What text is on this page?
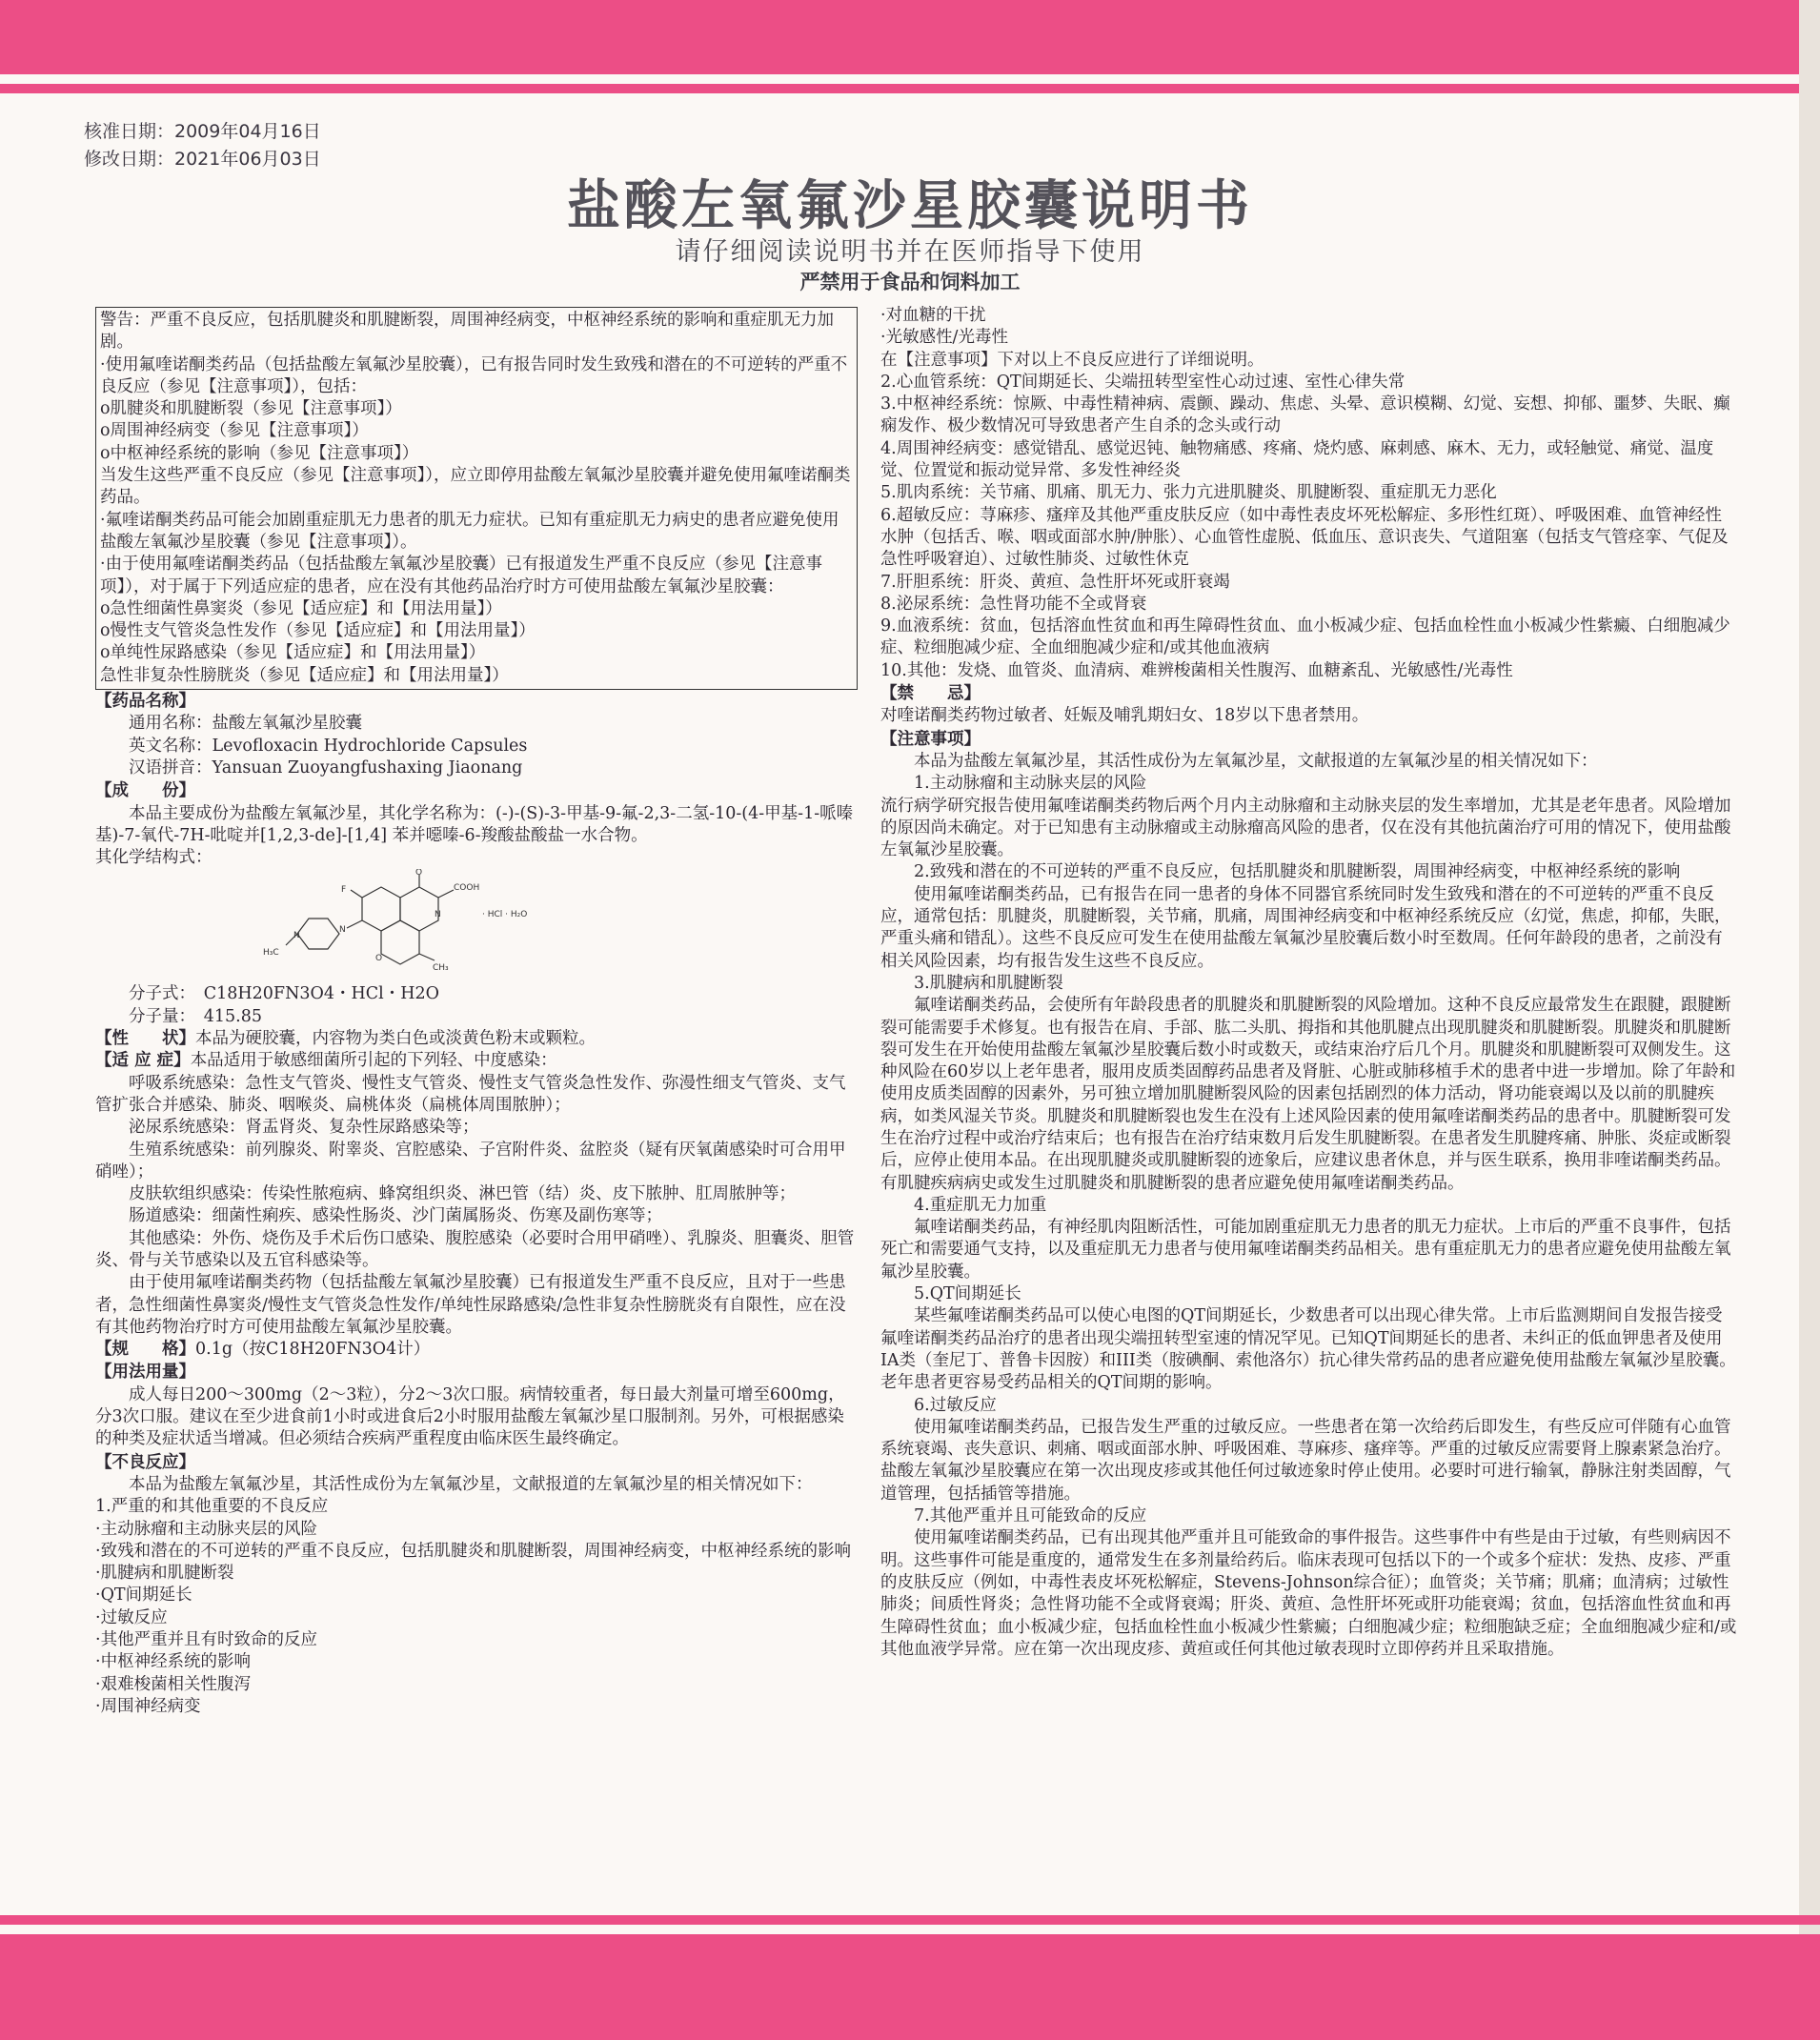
核准日期：2009年04月16日
修改日期：2021年06月03日
盐酸左氧氟沙星胶囊说明书
请仔细阅读说明书并在医师指导下使用
严禁用于食品和饲料加工

警告：严重不良反应，包括肌腱炎和肌腱断裂，周围神经病变，中枢神经系统的影响和重症肌无力加剧。

·使用氟喹诺酮类药品（包括盐酸左氧氟沙星胶囊），已有报告同时发生致残和潜在的不可逆转的严重不良反应（参见【注意事项】），包括：

o肌腱炎和肌腱断裂（参见【注意事项】）

o周围神经病变（参见【注意事项】）

o中枢神经系统的影响（参见【注意事项】）

当发生这些严重不良反应（参见【注意事项】），应立即停用盐酸左氧氟沙星胶囊并避免使用氟喹诺酮类药品。

·氟喹诺酮类药品可能会加剧重症肌无力患者的肌无力症状。已知有重症肌无力病史的患者应避免使用盐酸左氧氟沙星胶囊（参见【注意事项】）。

·由于使用氟喹诺酮类药品（包括盐酸左氧氟沙星胶囊）已有报道发生严重不良反应（参见【注意事项】），对于属于下列适应症的患者，应在没有其他药品治疗时方可使用盐酸左氧氟沙星胶囊：

o急性细菌性鼻窦炎（参见【适应症】和【用法用量】）

o慢性支气管炎急性发作（参见【适应症】和【用法用量】）

o单纯性尿路感染（参见【适应症】和【用法用量】）

急性非复杂性膀胱炎（参见【适应症】和【用法用量】）

【药品名称】

通用名称：盐酸左氧氟沙星胶囊

英文名称：Levofloxacin Hydrochloride Capsules

汉语拼音：Yansuan Zuoyangfushaxing Jiaonang

【成　　份】

本品主要成份为盐酸左氧氟沙星，其化学名称为：(-)-(S)-3-甲基-9-氟-2,3-二氢-10-(4-甲基-1-哌嗪基)-7-氧代-7H-吡啶并[1,2,3-de]-[1,4] 苯并噁嗪-6-羧酸盐酸盐一水合物。

其化学结构式：

F
O
COOH
N
N
N
O
H₃C
CH₃
· HCl · H₂O

分子式：　C18H20FN3O4・HCl・H2O

分子量：　415.85

【性　　状】本品为硬胶囊，内容物为类白色或淡黄色粉末或颗粒。

【适 应 症】本品适用于敏感细菌所引起的下列轻、中度感染：

呼吸系统感染：急性支气管炎、慢性支气管炎、慢性支气管炎急性发作、弥漫性细支气管炎、支气管扩张合并感染、肺炎、咽喉炎、扁桃体炎（扁桃体周围脓肿）；

泌尿系统感染：肾盂肾炎、复杂性尿路感染等；

生殖系统感染：前列腺炎、附睾炎、宫腔感染、子宫附件炎、盆腔炎（疑有厌氧菌感染时可合用甲硝唑）；

皮肤软组织感染：传染性脓疱病、蜂窝组织炎、淋巴管（结）炎、皮下脓肿、肛周脓肿等；

肠道感染：细菌性痢疾、感染性肠炎、沙门菌属肠炎、伤寒及副伤寒等；

其他感染：外伤、烧伤及手术后伤口感染、腹腔感染（必要时合用甲硝唑）、乳腺炎、胆囊炎、胆管炎、骨与关节感染以及五官科感染等。

由于使用氟喹诺酮类药物（包括盐酸左氧氟沙星胶囊）已有报道发生严重不良反应，且对于一些患者，急性细菌性鼻窦炎/慢性支气管炎急性发作/单纯性尿路感染/急性非复杂性膀胱炎有自限性，应在没有其他药物治疗时方可使用盐酸左氧氟沙星胶囊。

【规　　格】0.1g（按C18H20FN3O4计）

【用法用量】

成人每日200～300mg（2～3粒），分2～3次口服。病情较重者，每日最大剂量可增至600mg，分3次口服。建议在至少进食前1小时或进食后2小时服用盐酸左氧氟沙星口服制剂。另外，可根据感染的种类及症状适当增减。但必须结合疾病严重程度由临床医生最终确定。

【不良反应】

本品为盐酸左氧氟沙星，其活性成份为左氧氟沙星，文献报道的左氧氟沙星的相关情况如下：

1.严重的和其他重要的不良反应

·主动脉瘤和主动脉夹层的风险

·致残和潜在的不可逆转的严重不良反应，包括肌腱炎和肌腱断裂，周围神经病变，中枢神经系统的影响

·肌腱病和肌腱断裂

·QT间期延长

·过敏反应

·其他严重并且有时致命的反应

·中枢神经系统的影响

·艰难梭菌相关性腹泻

·周围神经病变

·对血糖的干扰

·光敏感性/光毒性

在【注意事项】下对以上不良反应进行了详细说明。

2.心血管系统：QT间期延长、尖端扭转型室性心动过速、室性心律失常

3.中枢神经系统：惊厥、中毒性精神病、震颤、躁动、焦虑、头晕、意识模糊、幻觉、妄想、抑郁、噩梦、失眠、癫痫发作、极少数情况可导致患者产生自杀的念头或行动

4.周围神经病变：感觉错乱、感觉迟钝、触物痛感、疼痛、烧灼感、麻刺感、麻木、无力，或轻触觉、痛觉、温度觉、位置觉和振动觉异常、多发性神经炎

5.肌肉系统：关节痛、肌痛、肌无力、张力亢进肌腱炎、肌腱断裂、重症肌无力恶化

6.超敏反应：荨麻疹、瘙痒及其他严重皮肤反应（如中毒性表皮坏死松解症、多形性红斑）、呼吸困难、血管神经性水肿（包括舌、喉、咽或面部水肿/肿胀）、心血管性虚脱、低血压、意识丧失、气道阻塞（包括支气管痉挛、气促及急性呼吸窘迫）、过敏性肺炎、过敏性休克

7.肝胆系统：肝炎、黄疸、急性肝坏死或肝衰竭

8.泌尿系统：急性肾功能不全或肾衰

9.血液系统：贫血，包括溶血性贫血和再生障碍性贫血、血小板减少症、包括血栓性血小板减少性紫癜、白细胞减少症、粒细胞减少症、全血细胞减少症和/或其他血液病

10.其他：发烧、血管炎、血清病、难辨梭菌相关性腹泻、血糖紊乱、光敏感性/光毒性

【禁　　忌】

对喹诺酮类药物过敏者、妊娠及哺乳期妇女、18岁以下患者禁用。

【注意事项】

本品为盐酸左氧氟沙星，其活性成份为左氧氟沙星，文献报道的左氧氟沙星的相关情况如下：

1.主动脉瘤和主动脉夹层的风险

流行病学研究报告使用氟喹诺酮类药物后两个月内主动脉瘤和主动脉夹层的发生率增加，尤其是老年患者。风险增加的原因尚未确定。对于已知患有主动脉瘤或主动脉瘤高风险的患者，仅在没有其他抗菌治疗可用的情况下，使用盐酸左氧氟沙星胶囊。

2.致残和潜在的不可逆转的严重不良反应，包括肌腱炎和肌腱断裂，周围神经病变，中枢神经系统的影响

使用氟喹诺酮类药品，已有报告在同一患者的身体不同器官系统同时发生致残和潜在的不可逆转的严重不良反应，通常包括：肌腱炎，肌腱断裂，关节痛，肌痛，周围神经病变和中枢神经系统反应（幻觉，焦虑，抑郁，失眠，严重头痛和错乱）。这些不良反应可发生在使用盐酸左氧氟沙星胶囊后数小时至数周。任何年龄段的患者，之前没有相关风险因素，均有报告发生这些不良反应。

3.肌腱病和肌腱断裂

氟喹诺酮类药品，会使所有年龄段患者的肌腱炎和肌腱断裂的风险增加。这种不良反应最常发生在跟腱，跟腱断裂可能需要手术修复。也有报告在肩、手部、肱二头肌、拇指和其他肌腱点出现肌腱炎和肌腱断裂。肌腱炎和肌腱断裂可发生在开始使用盐酸左氧氟沙星胶囊后数小时或数天，或结束治疗后几个月。肌腱炎和肌腱断裂可双侧发生。这种风险在60岁以上老年患者，服用皮质类固醇药品患者及肾脏、心脏或肺移植手术的患者中进一步增加。除了年龄和使用皮质类固醇的因素外，另可独立增加肌腱断裂风险的因素包括剧烈的体力活动，肾功能衰竭以及以前的肌腱疾病，如类风湿关节炎。肌腱炎和肌腱断裂也发生在没有上述风险因素的使用氟喹诺酮类药品的患者中。肌腱断裂可发生在治疗过程中或治疗结束后；也有报告在治疗结束数月后发生肌腱断裂。在患者发生肌腱疼痛、肿胀、炎症或断裂后，应停止使用本品。在出现肌腱炎或肌腱断裂的迹象后，应建议患者休息，并与医生联系，换用非喹诺酮类药品。有肌腱疾病病史或发生过肌腱炎和肌腱断裂的患者应避免使用氟喹诺酮类药品。

4.重症肌无力加重

氟喹诺酮类药品，有神经肌肉阻断活性，可能加剧重症肌无力患者的肌无力症状。上市后的严重不良事件，包括死亡和需要通气支持，以及重症肌无力患者与使用氟喹诺酮类药品相关。患有重症肌无力的患者应避免使用盐酸左氧氟沙星胶囊。

5.QT间期延长

某些氟喹诺酮类药品可以使心电图的QT间期延长，少数患者可以出现心律失常。上市后监测期间自发报告接受氟喹诺酮类药品治疗的患者出现尖端扭转型室速的情况罕见。已知QT间期延长的患者、未纠正的低血钾患者及使用IA类（奎尼丁、普鲁卡因胺）和III类（胺碘酮、索他洛尔）抗心律失常药品的患者应避免使用盐酸左氧氟沙星胶囊。老年患者更容易受药品相关的QT间期的影响。

6.过敏反应

使用氟喹诺酮类药品，已报告发生严重的过敏反应。一些患者在第一次给药后即发生，有些反应可伴随有心血管系统衰竭、丧失意识、刺痛、咽或面部水肿、呼吸困难、荨麻疹、瘙痒等。严重的过敏反应需要肾上腺素紧急治疗。盐酸左氧氟沙星胶囊应在第一次出现皮疹或其他任何过敏迹象时停止使用。必要时可进行输氧，静脉注射类固醇，气道管理，包括插管等措施。

7.其他严重并且可能致命的反应

使用氟喹诺酮类药品，已有出现其他严重并且可能致命的事件报告。这些事件中有些是由于过敏，有些则病因不明。这些事件可能是重度的，通常发生在多剂量给药后。临床表现可包括以下的一个或多个症状：发热、皮疹、严重的皮肤反应（例如，中毒性表皮坏死松解症，Stevens-Johnson综合征）；血管炎；关节痛；肌痛；血清病；过敏性肺炎；间质性肾炎；急性肾功能不全或肾衰竭；肝炎、黄疸、急性肝坏死或肝功能衰竭；贫血，包括溶血性贫血和再生障碍性贫血；血小板减少症，包括血栓性血小板减少性紫癜；白细胞减少症；粒细胞缺乏症；全血细胞减少症和/或其他血液学异常。应在第一次出现皮疹、黄疸或任何其他过敏表现时立即停药并且采取措施。
